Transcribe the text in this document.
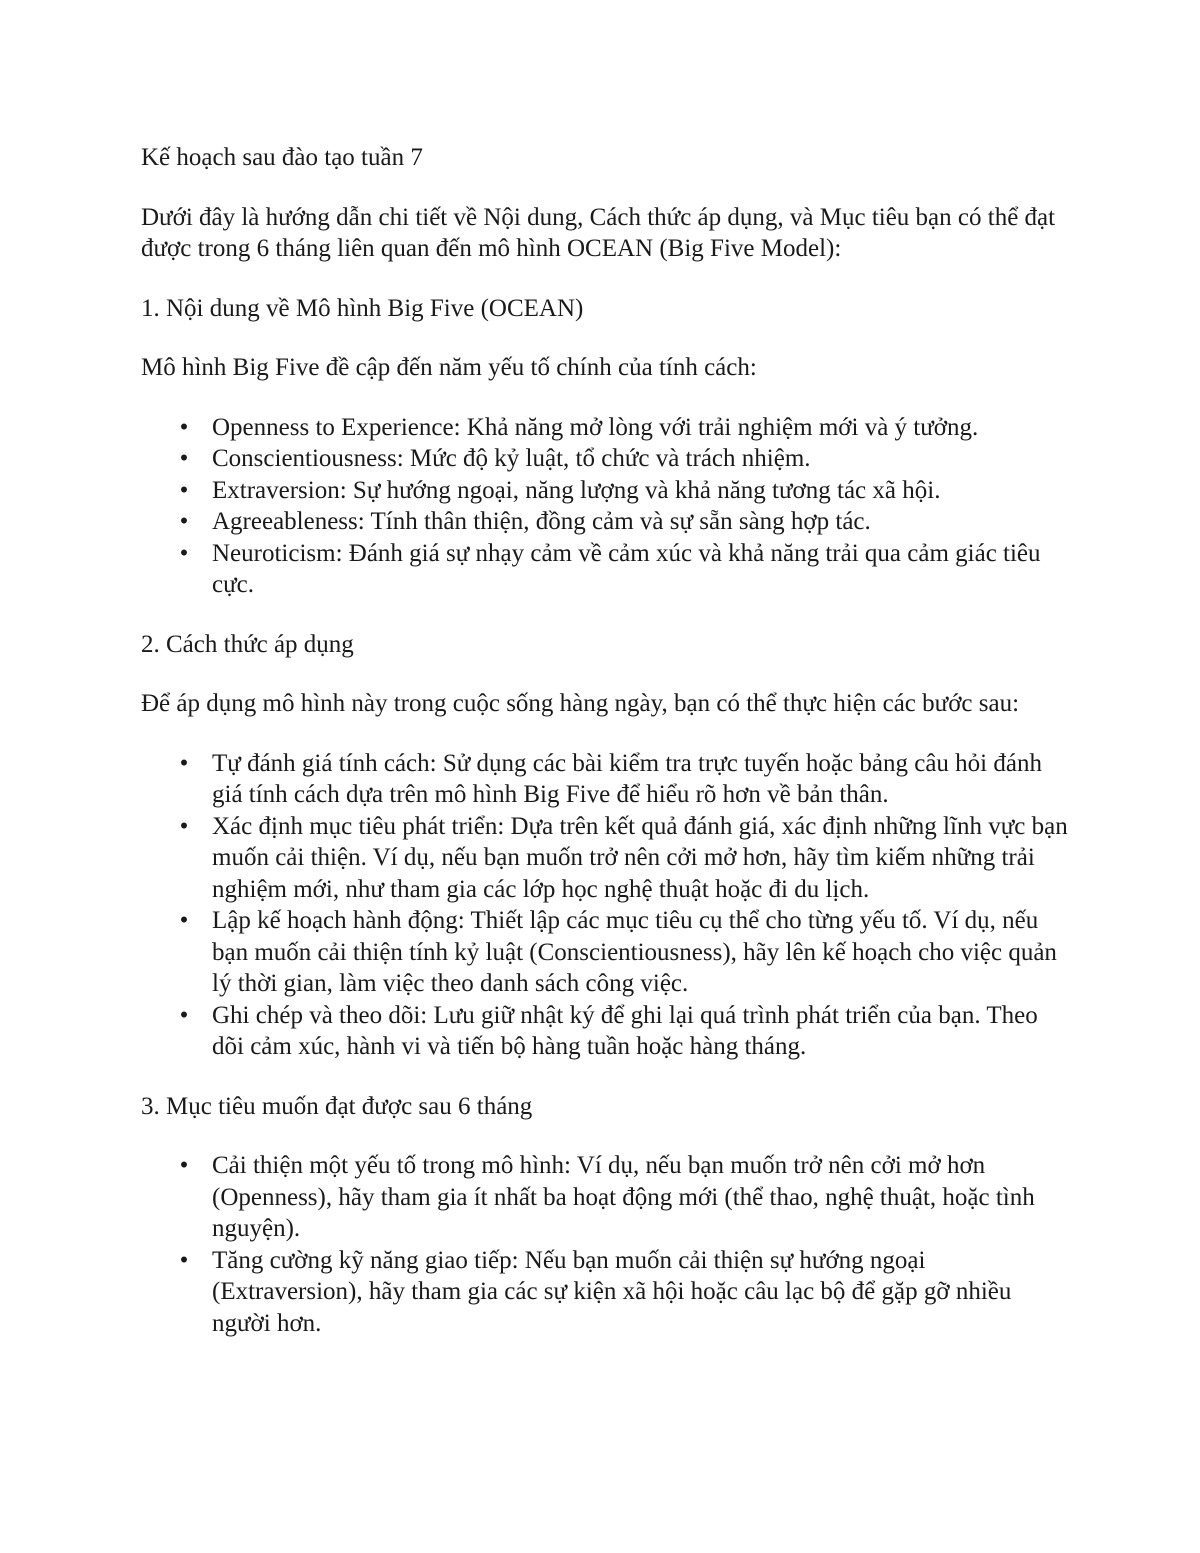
Kế hoạch sau đào tạo tuần 7

Dưới đây là hướng dẫn chi tiết về Nội dung, Cách thức áp dụng, và Mục tiêu bạn có thể đạt được trong 6 tháng liên quan đến mô hình OCEAN (Big Five Model):

1. Nội dung về Mô hình Big Five (OCEAN)

Mô hình Big Five đề cập đến năm yếu tố chính của tính cách:

• Openness to Experience: Khả năng mở lòng với trải nghiệm mới và ý tưởng.
• Conscientiousness: Mức độ kỷ luật, tổ chức và trách nhiệm.
• Extraversion: Sự hướng ngoại, năng lượng và khả năng tương tác xã hội.
• Agreeableness: Tính thân thiện, đồng cảm và sự sẵn sàng hợp tác.
• Neuroticism: Đánh giá sự nhạy cảm về cảm xúc và khả năng trải qua cảm giác tiêu cực.

2. Cách thức áp dụng

Để áp dụng mô hình này trong cuộc sống hàng ngày, bạn có thể thực hiện các bước sau:

• Tự đánh giá tính cách: Sử dụng các bài kiểm tra trực tuyến hoặc bảng câu hỏi đánh giá tính cách dựa trên mô hình Big Five để hiểu rõ hơn về bản thân.
• Xác định mục tiêu phát triển: Dựa trên kết quả đánh giá, xác định những lĩnh vực bạn muốn cải thiện. Ví dụ, nếu bạn muốn trở nên cởi mở hơn, hãy tìm kiếm những trải nghiệm mới, như tham gia các lớp học nghệ thuật hoặc đi du lịch.
• Lập kế hoạch hành động: Thiết lập các mục tiêu cụ thể cho từng yếu tố. Ví dụ, nếu bạn muốn cải thiện tính kỷ luật (Conscientiousness), hãy lên kế hoạch cho việc quản lý thời gian, làm việc theo danh sách công việc.
• Ghi chép và theo dõi: Lưu giữ nhật ký để ghi lại quá trình phát triển của bạn. Theo dõi cảm xúc, hành vi và tiến bộ hàng tuần hoặc hàng tháng.

3. Mục tiêu muốn đạt được sau 6 tháng

• Cải thiện một yếu tố trong mô hình: Ví dụ, nếu bạn muốn trở nên cởi mở hơn (Openness), hãy tham gia ít nhất ba hoạt động mới (thể thao, nghệ thuật, hoặc tình nguyện).
• Tăng cường kỹ năng giao tiếp: Nếu bạn muốn cải thiện sự hướng ngoại (Extraversion), hãy tham gia các sự kiện xã hội hoặc câu lạc bộ để gặp gỡ nhiều người hơn.
